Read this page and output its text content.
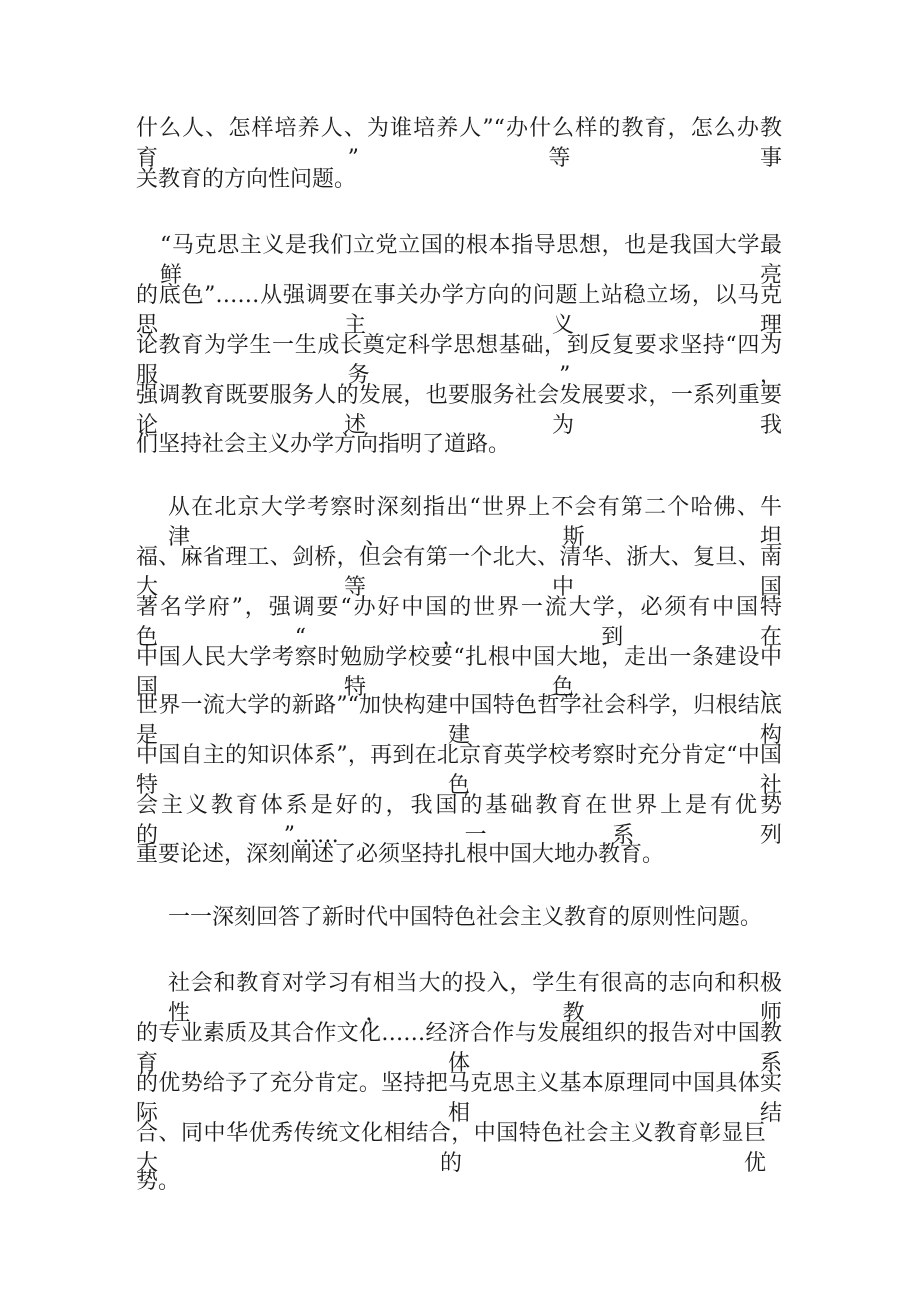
什么人、怎样培养人、为谁培养人”“办什么样的教育，怎么办教育”等事

关教育的方向性问题。

“马克思主义是我们立党立国的根本指导思想，也是我国大学最鲜亮

的底色”……从强调要在事关办学方向的问题上站稳立场，以马克思主义理

论教育为学生一生成长奠定科学思想基础，到反复要求坚持“四为服务”，

强调教育既要服务人的发展，也要服务社会发展要求，一系列重要论述为我

们坚持社会主义办学方向指明了道路。

从在北京大学考察时深刻指出“世界上不会有第二个哈佛、牛津、斯坦

福、麻省理工、剑桥，但会有第一个北大、清华、浙大、复旦、南大等中国

著名学府”，强调要“办好中国的世界一流大学，必须有中国特色“，到在

中国人民大学考察时勉励学校要“扎根中国大地，走出一条建设中国特色、

世界一流大学的新路”“加快构建中国特色哲学社会科学，归根结底是建构

中国自主的知识体系”，再到在北京育英学校考察时充分肯定“中国特色社

会主义教育体系是好的，我国的基础教育在世界上是有优势的”……一系列

重要论述，深刻阐述了必须坚持扎根中国大地办教育。

一一深刻回答了新时代中国特色社会主义教育的原则性问题。

社会和教育对学习有相当大的投入，学生有很高的志向和积极性，教师

的专业素质及其合作文化……经济合作与发展组织的报告对中国教育体系

的优势给予了充分肯定。坚持把马克思主义基本原理同中国具体实际相结

合、同中华优秀传统文化相结合，中国特色社会主义教育彰显巨大的优

势。
